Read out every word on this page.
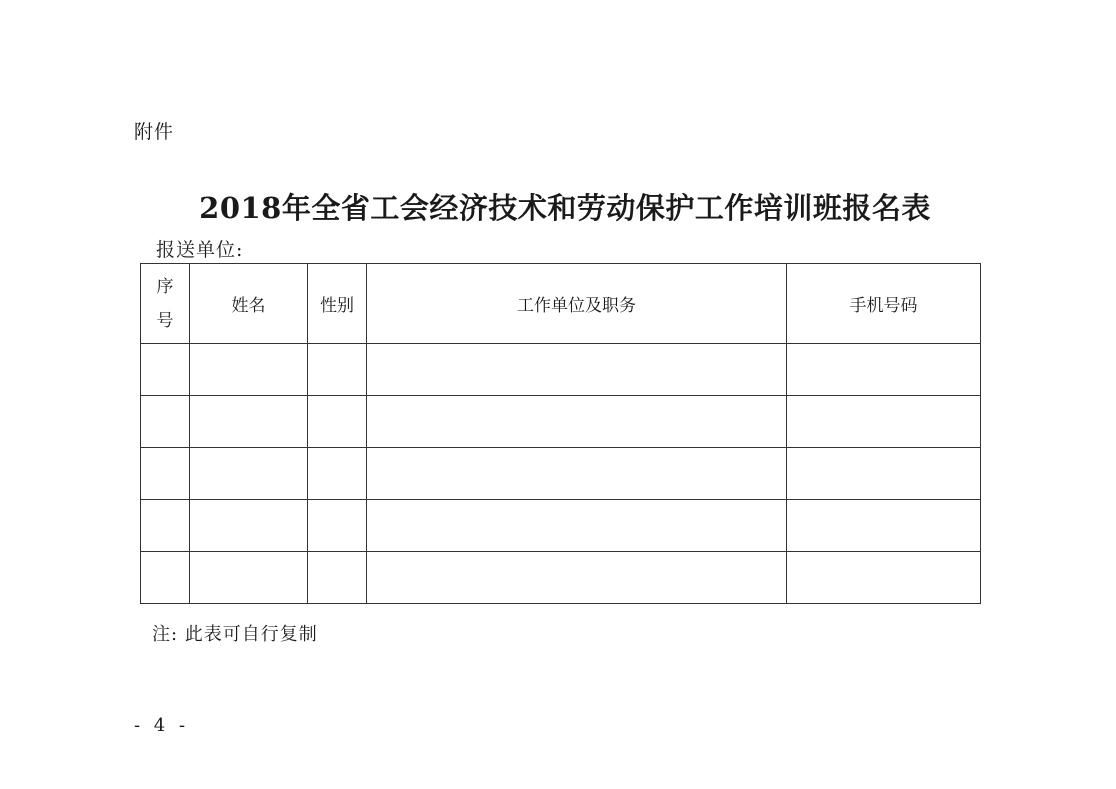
附件
2018年全省工会经济技术和劳动保护工作培训班报名表
报送单位:
序
号	姓名	性别	工作单位及职务	手机号码

注: 此表可自行复制
- 4 -
